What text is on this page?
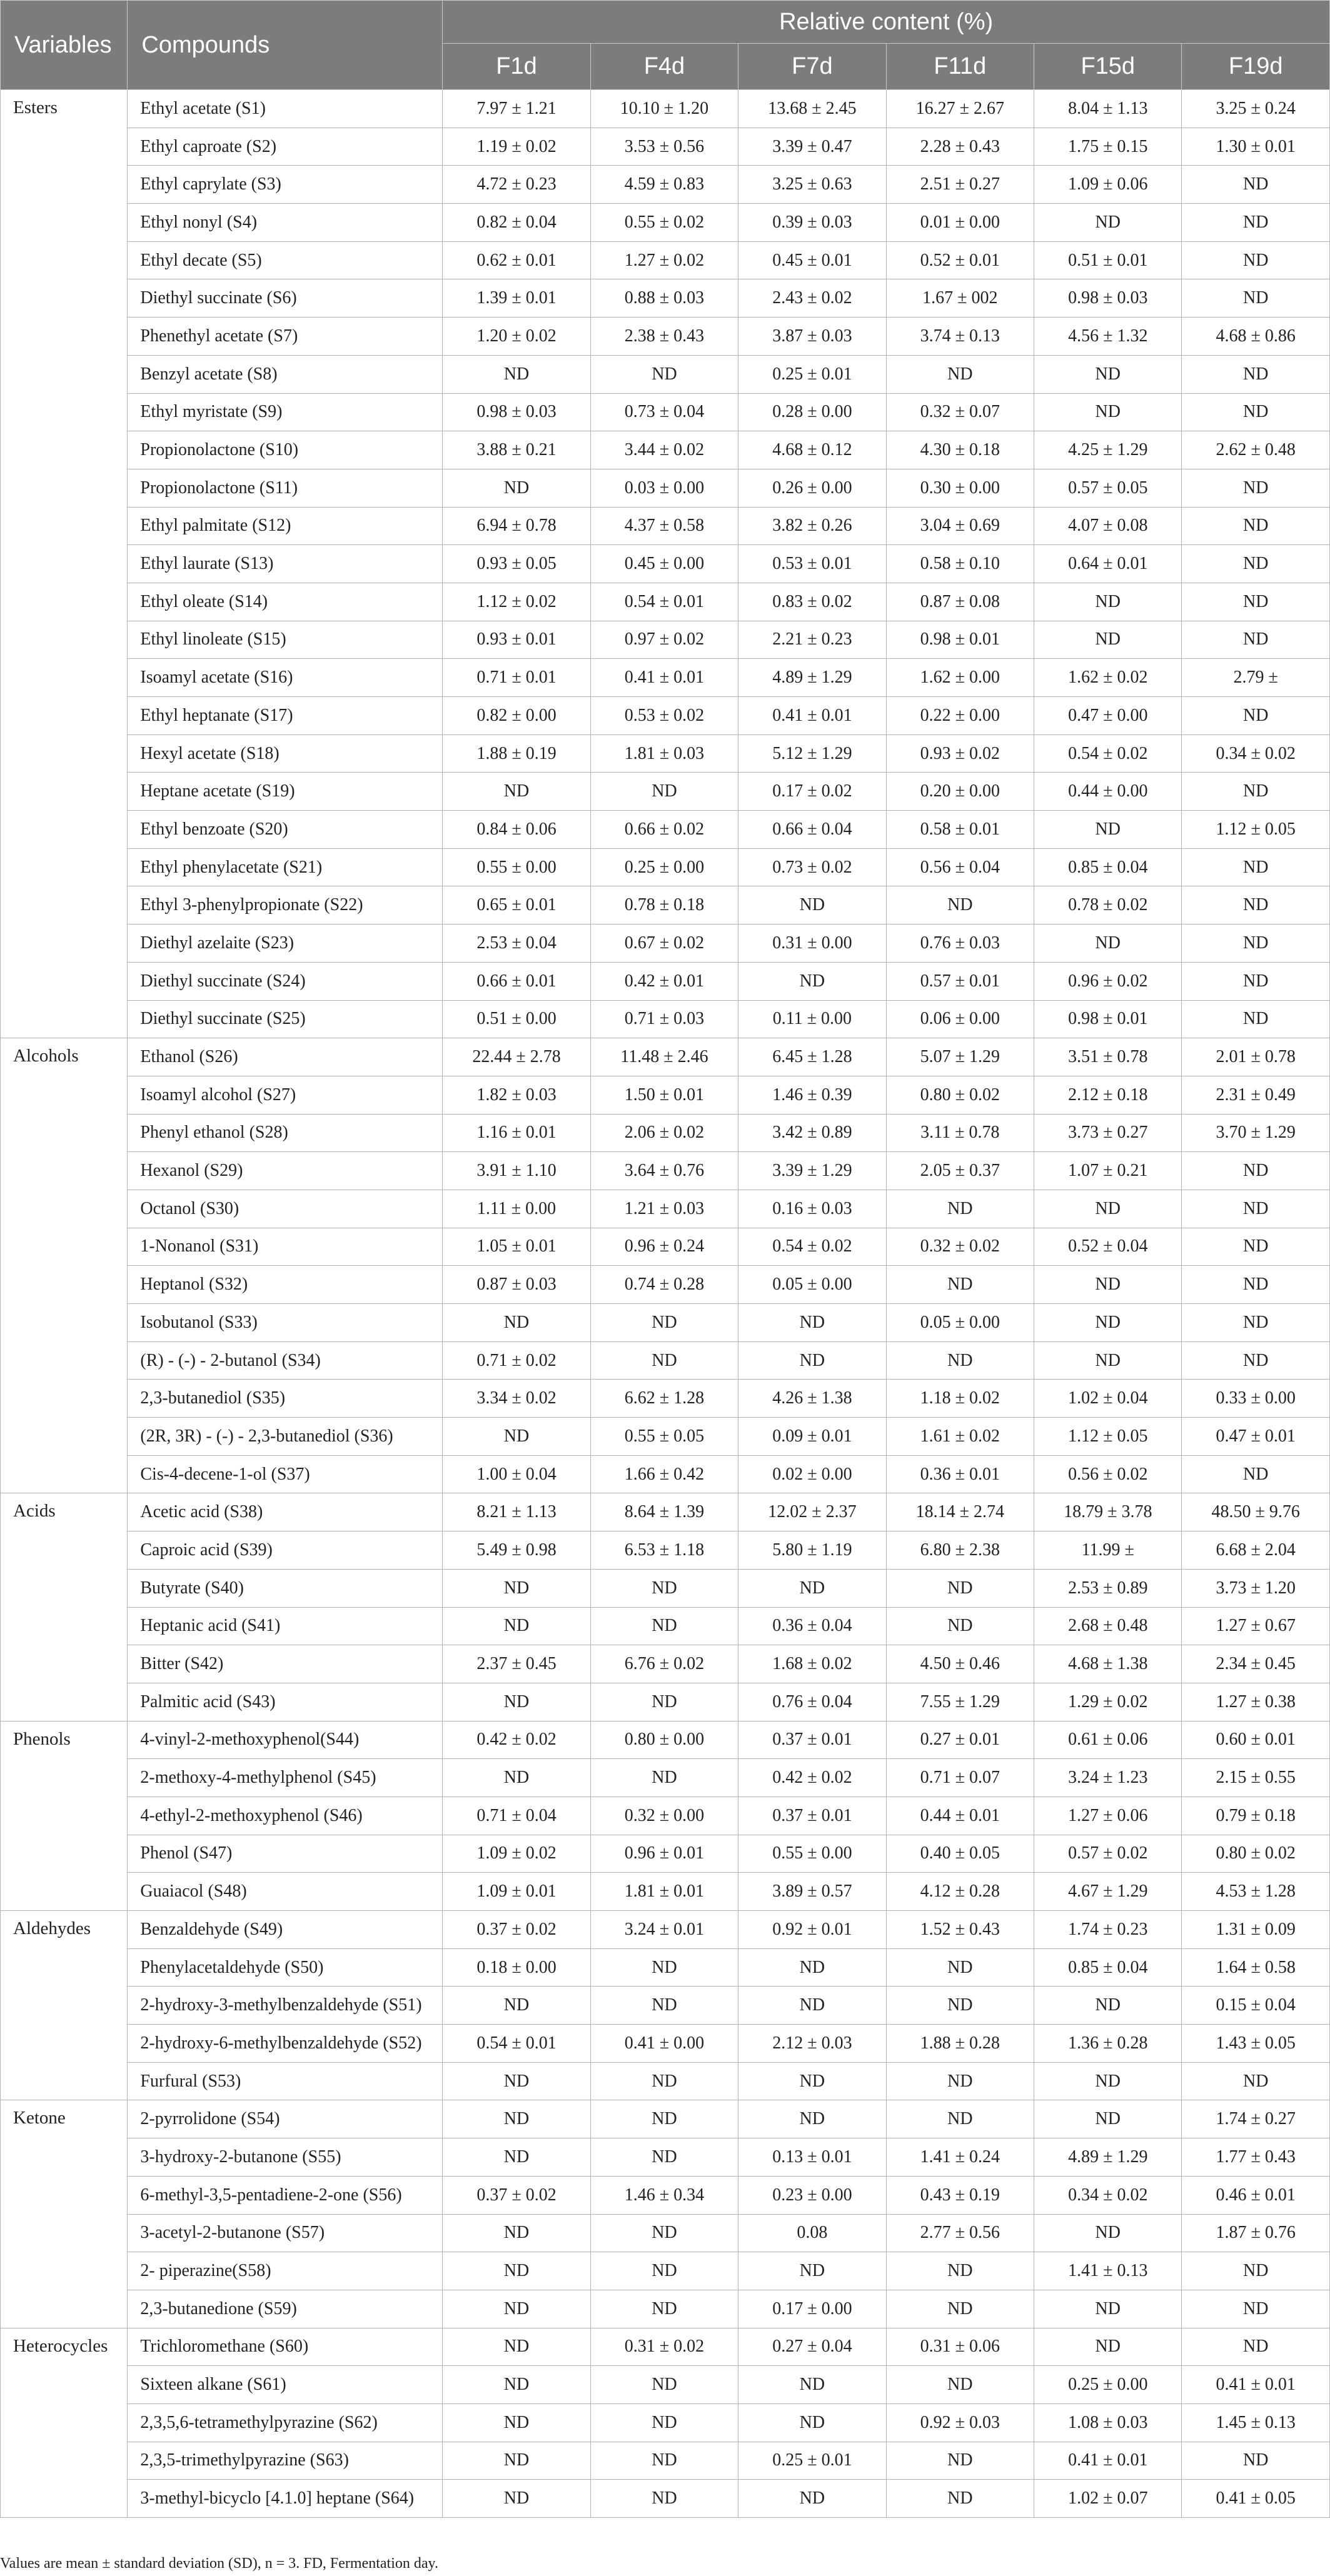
Variables	Compounds	Relative content (%)					
		F1d	F4d	F7d	F11d	F15d	F19d
Esters	Ethyl acetate (S1)	7.97 ± 1.21	10.10 ± 1.20	13.68 ± 2.45	16.27 ± 2.67	8.04 ± 1.13	3.25 ± 0.24
	Ethyl caproate (S2)	1.19 ± 0.02	3.53 ± 0.56	3.39 ± 0.47	2.28 ± 0.43	1.75 ± 0.15	1.30 ± 0.01
	Ethyl caprylate (S3)	4.72 ± 0.23	4.59 ± 0.83	3.25 ± 0.63	2.51 ± 0.27	1.09 ± 0.06	ND
	Ethyl nonyl (S4)	0.82 ± 0.04	0.55 ± 0.02	0.39 ± 0.03	0.01 ± 0.00	ND	ND
	Ethyl decate (S5)	0.62 ± 0.01	1.27 ± 0.02	0.45 ± 0.01	0.52 ± 0.01	0.51 ± 0.01	ND
	Diethyl succinate (S6)	1.39 ± 0.01	0.88 ± 0.03	2.43 ± 0.02	1.67 ± 002	0.98 ± 0.03	ND
	Phenethyl acetate (S7)	1.20 ± 0.02	2.38 ± 0.43	3.87 ± 0.03	3.74 ± 0.13	4.56 ± 1.32	4.68 ± 0.86
	Benzyl acetate (S8)	ND	ND	0.25 ± 0.01	ND	ND	ND
	Ethyl myristate (S9)	0.98 ± 0.03	0.73 ± 0.04	0.28 ± 0.00	0.32 ± 0.07	ND	ND
	Propionolactone (S10)	3.88 ± 0.21	3.44 ± 0.02	4.68 ± 0.12	4.30 ± 0.18	4.25 ± 1.29	2.62 ± 0.48
	Propionolactone (S11)	ND	0.03 ± 0.00	0.26 ± 0.00	0.30 ± 0.00	0.57 ± 0.05	ND
	Ethyl palmitate (S12)	6.94 ± 0.78	4.37 ± 0.58	3.82 ± 0.26	3.04 ± 0.69	4.07 ± 0.08	ND
	Ethyl laurate (S13)	0.93 ± 0.05	0.45 ± 0.00	0.53 ± 0.01	0.58 ± 0.10	0.64 ± 0.01	ND
	Ethyl oleate (S14)	1.12 ± 0.02	0.54 ± 0.01	0.83 ± 0.02	0.87 ± 0.08	ND	ND
	Ethyl linoleate (S15)	0.93 ± 0.01	0.97 ± 0.02	2.21 ± 0.23	0.98 ± 0.01	ND	ND
	Isoamyl acetate (S16)	0.71 ± 0.01	0.41 ± 0.01	4.89 ± 1.29	1.62 ± 0.00	1.62 ± 0.02	2.79 ±
	Ethyl heptanate (S17)	0.82 ± 0.00	0.53 ± 0.02	0.41 ± 0.01	0.22 ± 0.00	0.47 ± 0.00	ND
	Hexyl acetate (S18)	1.88 ± 0.19	1.81 ± 0.03	5.12 ± 1.29	0.93 ± 0.02	0.54 ± 0.02	0.34 ± 0.02
	Heptane acetate (S19)	ND	ND	0.17 ± 0.02	0.20 ± 0.00	0.44 ± 0.00	ND
	Ethyl benzoate (S20)	0.84 ± 0.06	0.66 ± 0.02	0.66 ± 0.04	0.58 ± 0.01	ND	1.12 ± 0.05
	Ethyl phenylacetate (S21)	0.55 ± 0.00	0.25 ± 0.00	0.73 ± 0.02	0.56 ± 0.04	0.85 ± 0.04	ND
	Ethyl 3-phenylpropionate (S22)	0.65 ± 0.01	0.78 ± 0.18	ND	ND	0.78 ± 0.02	ND
	Diethyl azelaite (S23)	2.53 ± 0.04	0.67 ± 0.02	0.31 ± 0.00	0.76 ± 0.03	ND	ND
	Diethyl succinate (S24)	0.66 ± 0.01	0.42 ± 0.01	ND	0.57 ± 0.01	0.96 ± 0.02	ND
	Diethyl succinate (S25)	0.51 ± 0.00	0.71 ± 0.03	0.11 ± 0.00	0.06 ± 0.00	0.98 ± 0.01	ND
Alcohols	Ethanol (S26)	22.44 ± 2.78	11.48 ± 2.46	6.45 ± 1.28	5.07 ± 1.29	3.51 ± 0.78	2.01 ± 0.78
	Isoamyl alcohol (S27)	1.82 ± 0.03	1.50 ± 0.01	1.46 ± 0.39	0.80 ± 0.02	2.12 ± 0.18	2.31 ± 0.49
	Phenyl ethanol (S28)	1.16 ± 0.01	2.06 ± 0.02	3.42 ± 0.89	3.11 ± 0.78	3.73 ± 0.27	3.70 ± 1.29
	Hexanol (S29)	3.91 ± 1.10	3.64 ± 0.76	3.39 ± 1.29	2.05 ± 0.37	1.07 ± 0.21	ND
	Octanol (S30)	1.11 ± 0.00	1.21 ± 0.03	0.16 ± 0.03	ND	ND	ND
	1-Nonanol (S31)	1.05 ± 0.01	0.96 ± 0.24	0.54 ± 0.02	0.32 ± 0.02	0.52 ± 0.04	ND
	Heptanol (S32)	0.87 ± 0.03	0.74 ± 0.28	0.05 ± 0.00	ND	ND	ND
	Isobutanol (S33)	ND	ND	ND	0.05 ± 0.00	ND	ND
	(R) - (-) - 2-butanol (S34)	0.71 ± 0.02	ND	ND	ND	ND	ND
	2,3-butanediol (S35)	3.34 ± 0.02	6.62 ± 1.28	4.26 ± 1.38	1.18 ± 0.02	1.02 ± 0.04	0.33 ± 0.00
	(2R, 3R) - (-) - 2,3-butanediol (S36)	ND	0.55 ± 0.05	0.09 ± 0.01	1.61 ± 0.02	1.12 ± 0.05	0.47 ± 0.01
	Cis-4-decene-1-ol (S37)	1.00 ± 0.04	1.66 ± 0.42	0.02 ± 0.00	0.36 ± 0.01	0.56 ± 0.02	ND
Acids	Acetic acid (S38)	8.21 ± 1.13	8.64 ± 1.39	12.02 ± 2.37	18.14 ± 2.74	18.79 ± 3.78	48.50 ± 9.76
	Caproic acid (S39)	5.49 ± 0.98	6.53 ± 1.18	5.80 ± 1.19	6.80 ± 2.38	11.99 ±	6.68 ± 2.04
	Butyrate (S40)	ND	ND	ND	ND	2.53 ± 0.89	3.73 ± 1.20
	Heptanic acid (S41)	ND	ND	0.36 ± 0.04	ND	2.68 ± 0.48	1.27 ± 0.67
	Bitter (S42)	2.37 ± 0.45	6.76 ± 0.02	1.68 ± 0.02	4.50 ± 0.46	4.68 ± 1.38	2.34 ± 0.45
	Palmitic acid (S43)	ND	ND	0.76 ± 0.04	7.55 ± 1.29	1.29 ± 0.02	1.27 ± 0.38
Phenols	4-vinyl-2-methoxyphenol(S44)	0.42 ± 0.02	0.80 ± 0.00	0.37 ± 0.01	0.27 ± 0.01	0.61 ± 0.06	0.60 ± 0.01
	2-methoxy-4-methylphenol (S45)	ND	ND	0.42 ± 0.02	0.71 ± 0.07	3.24 ± 1.23	2.15 ± 0.55
	4-ethyl-2-methoxyphenol (S46)	0.71 ± 0.04	0.32 ± 0.00	0.37 ± 0.01	0.44 ± 0.01	1.27 ± 0.06	0.79 ± 0.18
	Phenol (S47)	1.09 ± 0.02	0.96 ± 0.01	0.55 ± 0.00	0.40 ± 0.05	0.57 ± 0.02	0.80 ± 0.02
	Guaiacol (S48)	1.09 ± 0.01	1.81 ± 0.01	3.89 ± 0.57	4.12 ± 0.28	4.67 ± 1.29	4.53 ± 1.28
Aldehydes	Benzaldehyde (S49)	0.37 ± 0.02	3.24 ± 0.01	0.92 ± 0.01	1.52 ± 0.43	1.74 ± 0.23	1.31 ± 0.09
	Phenylacetaldehyde (S50)	0.18 ± 0.00	ND	ND	ND	0.85 ± 0.04	1.64 ± 0.58
	2-hydroxy-3-methylbenzaldehyde (S51)	ND	ND	ND	ND	ND	0.15 ± 0.04
	2-hydroxy-6-methylbenzaldehyde (S52)	0.54 ± 0.01	0.41 ± 0.00	2.12 ± 0.03	1.88 ± 0.28	1.36 ± 0.28	1.43 ± 0.05
	Furfural (S53)	ND	ND	ND	ND	ND	ND
Ketone	2-pyrrolidone (S54)	ND	ND	ND	ND	ND	1.74 ± 0.27
	3-hydroxy-2-butanone (S55)	ND	ND	0.13 ± 0.01	1.41 ± 0.24	4.89 ± 1.29	1.77 ± 0.43
	6-methyl-3,5-pentadiene-2-one (S56)	0.37 ± 0.02	1.46 ± 0.34	0.23 ± 0.00	0.43 ± 0.19	0.34 ± 0.02	0.46 ± 0.01
	3-acetyl-2-butanone (S57)	ND	ND	0.08	2.77 ± 0.56	ND	1.87 ± 0.76
	2- piperazine(S58)	ND	ND	ND	ND	1.41 ± 0.13	ND
	2,3-butanedione (S59)	ND	ND	0.17 ± 0.00	ND	ND	ND
Heterocycles	Trichloromethane (S60)	ND	0.31 ± 0.02	0.27 ± 0.04	0.31 ± 0.06	ND	ND
	Sixteen alkane (S61)	ND	ND	ND	ND	0.25 ± 0.00	0.41 ± 0.01
	2,3,5,6-tetramethylpyrazine (S62)	ND	ND	ND	0.92 ± 0.03	1.08 ± 0.03	1.45 ± 0.13
	2,3,5-trimethylpyrazine (S63)	ND	ND	0.25 ± 0.01	ND	0.41 ± 0.01	ND
	3-methyl-bicyclo [4.1.0] heptane (S64)	ND	ND	ND	ND	1.02 ± 0.07	0.41 ± 0.05
Values are mean ± standard deviation (SD), n = 3. FD, Fermentation day.
